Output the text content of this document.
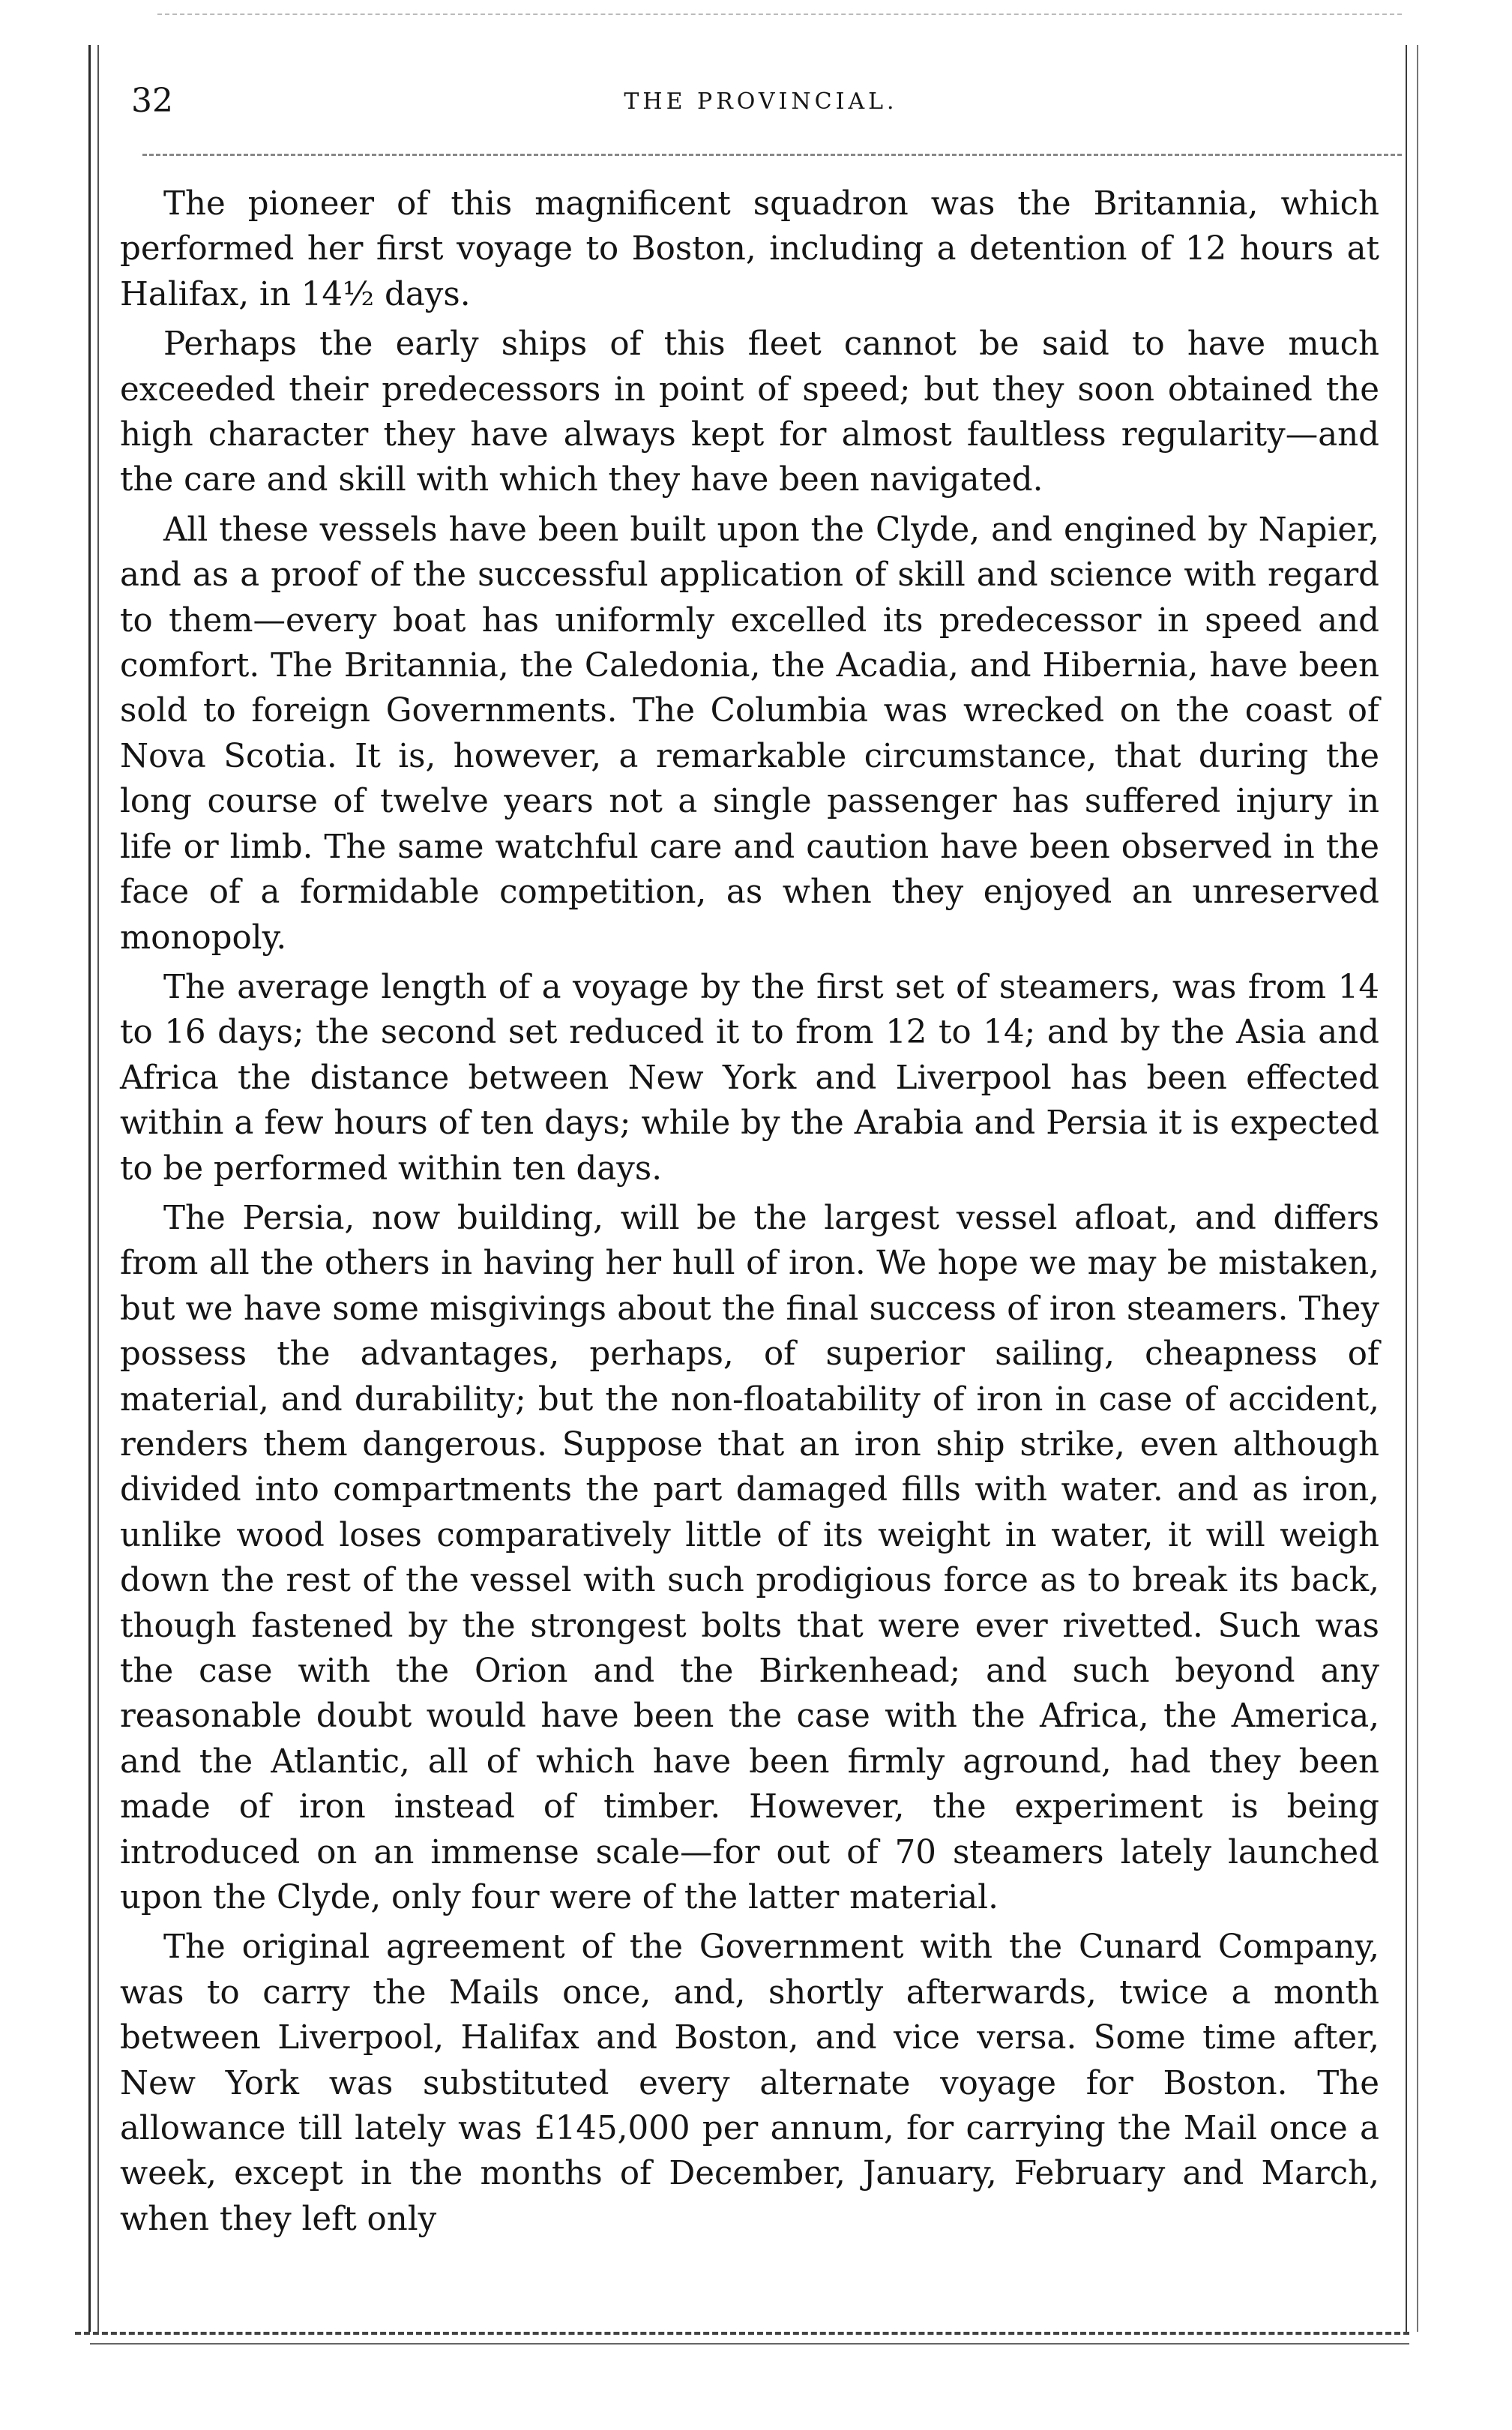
32	THE PROVINCIAL.

The pioneer of this magnificent squadron was the Britannia, which performed her first voyage to Boston, including a detention of 12 hours at Halifax, in 14½ days.

Perhaps the early ships of this fleet cannot be said to have much exceeded their predecessors in point of speed; but they soon obtained the high character they have always kept for almost faultless regularity—and the care and skill with which they have been navigated.

All these vessels have been built upon the Clyde, and engined by Napier, and as a proof of the successful application of skill and science with regard to them—every boat has uniformly excelled its predecessor in speed and comfort. The Britannia, the Caledonia, the Acadia, and Hibernia, have been sold to foreign Governments. The Columbia was wrecked on the coast of Nova Scotia. It is, however, a remarkable circumstance, that during the long course of twelve years not a single passenger has suffered injury in life or limb. The same watchful care and caution have been observed in the face of a formidable competition, as when they enjoyed an unreserved monopoly.

The average length of a voyage by the first set of steamers, was from 14 to 16 days; the second set reduced it to from 12 to 14; and by the Asia and Africa the distance between New York and Liverpool has been effected within a few hours of ten days; while by the Arabia and Persia it is expected to be performed within ten days.

The Persia, now building, will be the largest vessel afloat, and differs from all the others in having her hull of iron. We hope we may be mistaken, but we have some misgivings about the final success of iron steamers. They possess the advantages, perhaps, of superior sailing, cheapness of material, and durability; but the non-floatability of iron in case of accident, renders them dangerous. Suppose that an iron ship strike, even although divided into compartments the part damaged fills with water. and as iron, unlike wood loses comparatively little of its weight in water, it will weigh down the rest of the vessel with such prodigious force as to break its back, though fastened by the strongest bolts that were ever rivetted. Such was the case with the Orion and the Birkenhead; and such beyond any reasonable doubt would have been the case with the Africa, the America, and the Atlantic, all of which have been firmly aground, had they been made of iron instead of timber. However, the experiment is being introduced on an immense scale—for out of 70 steamers lately launched upon the Clyde, only four were of the latter material.

The original agreement of the Government with the Cunard Company, was to carry the Mails once, and, shortly afterwards, twice a month between Liverpool, Halifax and Boston, and vice versa. Some time after, New York was substituted every alternate voyage for Boston. The allowance till lately was £145,000 per annum, for carrying the Mail once a week, except in the months of December, January, February and March, when they left only
